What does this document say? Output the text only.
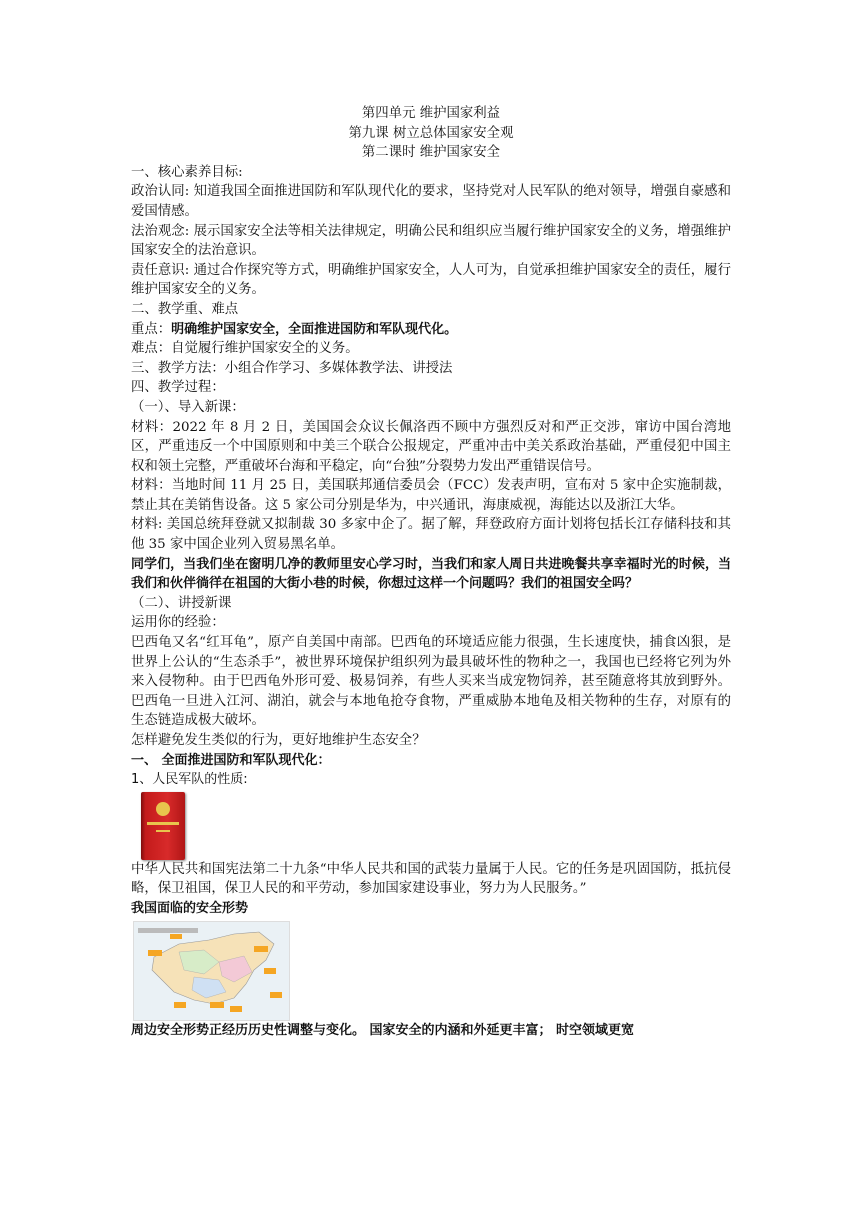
第四单元 维护国家利益
第九课 树立总体国家安全观
第二课时 维护国家安全

一、核心素养目标:

政治认同: 知道我国全面推进国防和军队现代化的要求，坚持党对人民军队的绝对领导，增强自豪感和爱国情感。

法治观念: 展示国家安全法等相关法律规定，明确公民和组织应当履行维护国家安全的义务，增强维护国家安全的法治意识。

责任意识: 通过合作探究等方式，明确维护国家安全，人人可为，自觉承担维护国家安全的责任，履行维护国家安全的义务。

二、教学重、难点

重点：明确维护国家安全，全面推进国防和军队现代化。

难点：自觉履行维护国家安全的义务。

三、教学方法：小组合作学习、多媒体教学法、讲授法

四、教学过程：

（一）、导入新课：

材料：2022 年 8 月 2 日，美国国会众议长佩洛西不顾中方强烈反对和严正交涉，窜访中国台湾地区，严重违反一个中国原则和中美三个联合公报规定，严重冲击中美关系政治基础，严重侵犯中国主权和领土完整，严重破坏台海和平稳定，向“台独”分裂势力发出严重错误信号。

材料：当地时间 11 月 25 日，美国联邦通信委员会（FCC）发表声明，宣布对 5 家中企实施制裁，禁止其在美销售设备。这 5 家公司分别是华为，中兴通讯，海康威视，海能达以及浙江大华。

材料: 美国总统拜登就又拟制裁 30 多家中企了。据了解，拜登政府方面计划将包括长江存储科技和其他 35 家中国企业列入贸易黑名单。

同学们，当我们坐在窗明几净的教师里安心学习时，当我们和家人周日共进晚餐共享幸福时光的时候，当我们和伙伴徜徉在祖国的大街小巷的时候，你想过这样一个问题吗？我们的祖国安全吗？

（二）、讲授新课

运用你的经验：

巴西龟又名“红耳龟”，原产自美国中南部。巴西龟的环境适应能力很强，生长速度快，捕食凶狠，是世界上公认的“生态杀手”，被世界环境保护组织列为最具破坏性的物种之一，我国也已经将它列为外来入侵物种。由于巴西龟外形可爱、极易饲养，有些人买来当成宠物饲养，甚至随意将其放到野外。巴西龟一旦进入江河、湖泊，就会与本地龟抢夺食物，严重威胁本地龟及相关物种的生存，对原有的生态链造成极大破坏。

怎样避免发生类似的行为，更好地维护生态安全？

一、 全面推进国防和军队现代化：

1、人民军队的性质:

中华人民共和国宪法第二十九条“中华人民共和国的武装力量属于人民。它的任务是巩固国防，抵抗侵略，保卫祖国，保卫人民的和平劳动，参加国家建设事业，努力为人民服务。”

我国面临的安全形势

周边安全形势正经历历史性调整与变化。 国家安全的内涵和外延更丰富； 时空领域更宽
